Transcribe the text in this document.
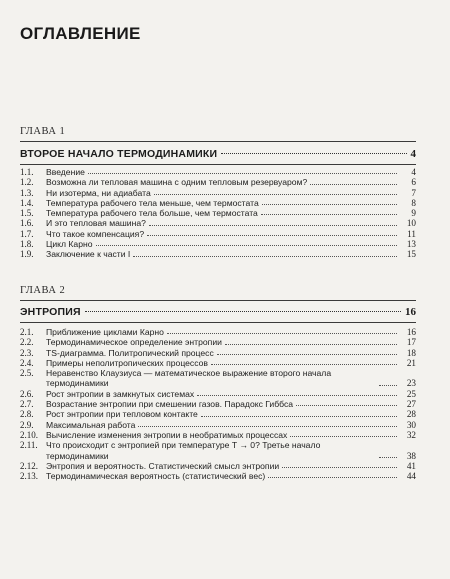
ОГЛАВЛЕНИЕ
ГЛАВА 1
ВТОРОЕ НАЧАЛО ТЕРМОДИНАМИКИ	4
1.1.	Введение	4
1.2.	Возможна ли тепловая машина с одним тепловым резервуаром?	6
1.3.	Ни изотерма, ни адиабата	7
1.4.	Температура рабочего тела меньше, чем термостата	8
1.5.	Температура рабочего тела больше, чем термостата	9
1.6.	И это тепловая машина?	10
1.7.	Что такое компенсация?	11
1.8.	Цикл Карно	13
1.9.	Заключение к части I	15
ГЛАВА 2
ЭНТРОПИЯ	16
2.1.	Приближение циклами Карно	16
2.2.	Термодинамическое определение энтропии	17
2.3.	TS-диаграмма. Политропический процесс	18
2.4.	Примеры неполитропических процессов	21
2.5.	Неравенство Клаузиуса — математическое выражение второго начала термодинамики	23
2.6.	Рост энтропии в замкнутых системах	25
2.7.	Возрастание энтропии при смешении газов. Парадокс Гиббса	27
2.8.	Рост энтропии при тепловом контакте	28
2.9.	Максимальная работа	30
2.10. Вычисление изменения энтропии в необратимых процессах	32
2.11. Что происходит с энтропией при температуре T → 0? Третье начало термодинамики	38
2.12. Энтропия и вероятность. Статистический смысл энтропии	41
2.13. Термодинамическая вероятность (статистический вес)	44
